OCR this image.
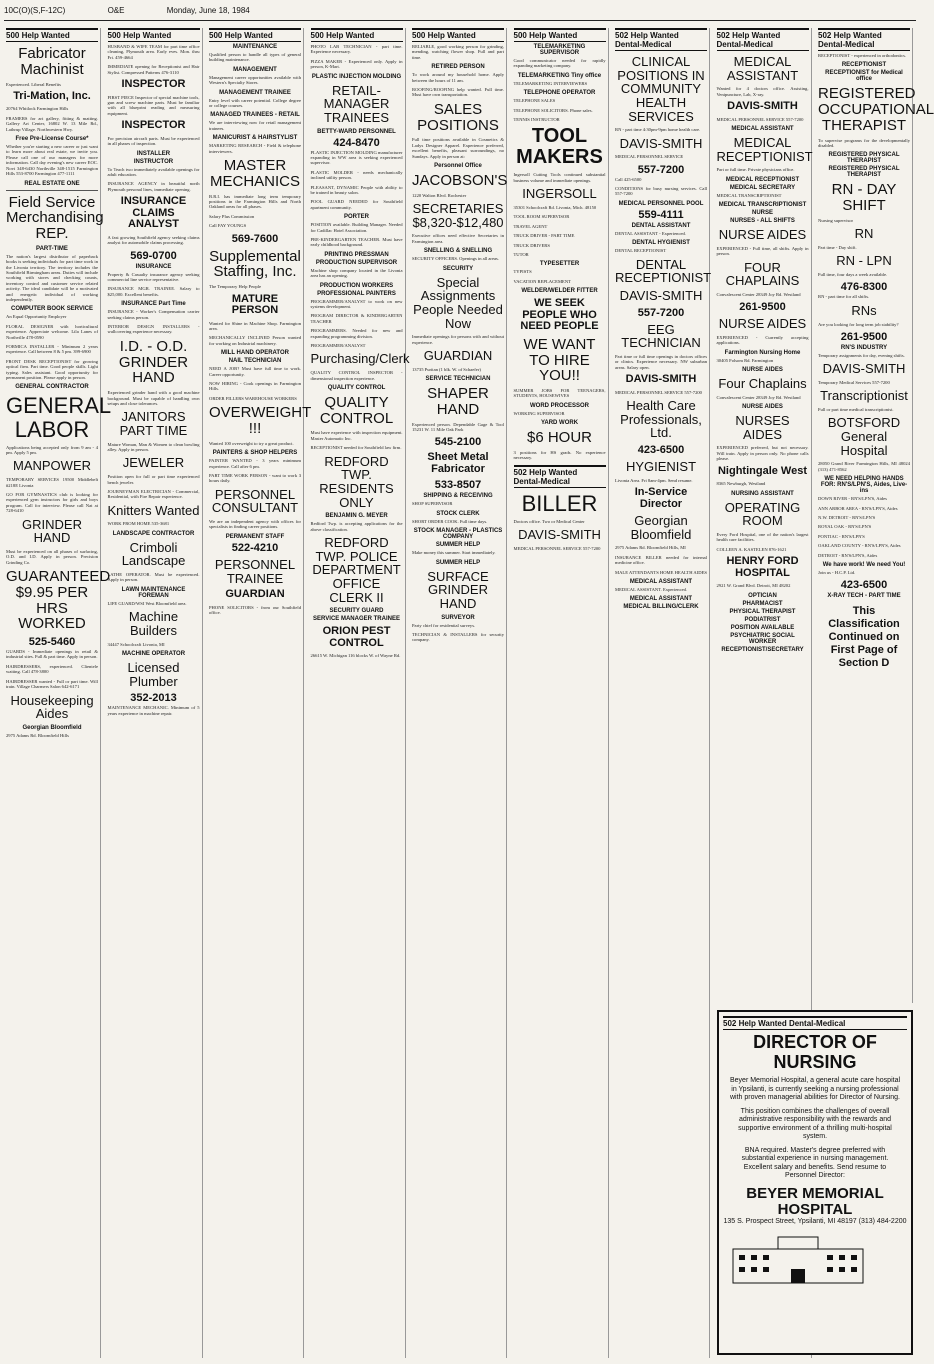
10C(O)(S,F-12C)	O&E	Monday, June 18, 1984
500 Help Wanted
Fabricator Machinist
Experienced. Liberal Benefits
Tri-Mation, Inc.
20764 Whitlock Farmington Hills
FRAMERS for art gallery, fitting & matting. Gallery Art Center, 16802 W. 13 Mile Rd., Lathrup Village. Northwestern Hwy.
Free Pre-License Course*
Whether you're starting a new career or just want to learn more about real estate, we invite you. Please call one of our managers for more information. Call day evening's new career EOC. Novi 348-6430 Northville 348-1515 Farmington Hills 553-8700 Farmington 477-1111
REAL ESTATE ONE
Field Service Merchandising REP.
PART-TIME
The nation's largest distributor of paperback books is seeking individuals for part time work in the Livonia territory. The territory includes the Southfield Birmingham areas. Duties will include working with stores and checking counts, inventory control and customer service related activity. The ideal candidate will be a motivated and energetic individual of working independently.
COMPUTER BOOK SERVICE
An Equal Opportunity Employer
FLORAL DESIGNER with horticultural experience. Appreciate welcome. Lila Lanes of Northville 478-0590
FORMICA INSTALLER - Minimum 2 years experience. Call between 8 & 5 pm. 399-6900
FRONT DESK RECEPTIONIST for growing optical firm. Part time. Good people skills. Light typing. Sales assistant. Good opportunity for permanent position. Please apply in person.
GENERAL CONTRACTOR
GENERAL LABOR
Applications being accepted only from 9 am - 4 pm. Apply 5 pm.
MANPOWER
TEMPORARY SERVICES 19500 Middlebelt #218E Livonia
GO FOR GYMNASTICS club is looking for experienced gym instructors for girls and boys program. Call for interview. Please call Nat at 728-6410
GRINDER HAND
Must be experienced on all phases of surfacing, O.D. and I.D. Apply in person. Precision Grinding Co.
GUARANTEED $9.95 PER HRS WORKED
525-5460
GUARDS - Immediate openings in retail & industrial sites. Full & part time. Apply in person.
HAIRDRESSERS, experienced. Clientele waiting. Call 478-3800
HAIRDRESSER wanted - Full or part time. Will train. Village Charmers Salon 642-6171
Housekeeping Aides
Georgian Bloomfield
2975 Adams Rd. Bloomfield Hills
500 Help Wanted
HUSBAND & WIFE TEAM for part time office cleaning, Plymouth area. Early eves. Mon. thru Fri. 459-4664
IMMEDIATE opening for Receptionist and Hair Stylist. Compressed Patterns 476-3110
INSPECTOR
FIRST PIECE Inspector of special machine tools, gun and screw machine parts. Must be familiar with all blueprint reading and measuring equipment.
INSPECTOR
For precision aircraft parts. Must be experienced in all phases of inspection.
INSTALLER
INSTRUCTOR
To Teach two immediately available openings for adult education.
INSURANCE AGENCY in beautiful north Plymouth personal lines, immediate opening.
INSURANCE CLAIMS ANALYST
A fast growing Southfield agency seeking claims analyst for automobile claims processing.
569-0700
INSURANCE
Property & Casualty insurance agency seeking commercial line service representative.
INSURANCE MGR. TRAINEE. Salary to $25,000. Excellent benefits.
INSURANCE Part Time
INSURANCE - Worker's Compensation carrier seeking claims person.
INTERIOR DESIGN INSTALLERS - wallcovering experience necessary.
I.D. - O.D. GRINDER HAND
Experienced grinder hand with a good machine background. Must be capable of handling own setups and close tolerances.
JANITORS PART TIME
Mature Woman, Man & Women to clean bowling alley. Apply in person.
JEWELER
Position open for full or part time experienced bench jeweler.
JOURNEYMAN ELECTRICIAN - Commercial, Residential, with Fire Repair experience.
Knitters Wanted
WORK FROM HOME 535-3681
LANDSCAPE CONTRACTOR
Crimboli Landscape
LATHE OPERATOR. Must be experienced. Apply in person.
LAWN MAINTENANCE FOREMAN
LIFE GUARD/WSI West Bloomfield area.
Machine Builders
34447 Schoolcraft Livonia, MI
MACHINE OPERATOR
Licensed Plumber
352-2013
MAINTENANCE MECHANIC. Minimum of 5 years experience in machine repair.
500 Help Wanted
MAINTENANCE
Qualified person to handle all types of general building maintenance.
MANAGEMENT
Management career opportunities available with Western's Specialty Stores.
MANAGEMENT TRAINEE
Entry level with career potential. College degree or college courses.
MANAGED TRAINEES - RETAIL
We are interviewing now for retail management trainees.
MANICURIST & HAIRSTYLIST
MARKETING RESEARCH - Field & telephone interviewers.
MASTER MECHANICS
B.R.I. has immediate long term temporary positions in the Farmington Hills and North Oakland areas for all phases.
Salary Plus Commission
Call FAY YOUNGS
569-7600
Supplemental Staffing, Inc.
The Temporary Help People
MATURE PERSON
Wanted for Shine in Machine Shop. Farmington area.
MECHANICALLY INCLINED Person wanted for working on Industrial machinery.
MILL HAND OPERATOR
NAIL TECHNICIAN
NEED A JOB? Must have full time to work. Career opportunity.
NOW HIRING - Cook openings in Farmington Hills.
ORDER FILLERS WAREHOUSE WORKERS
OVERWEIGHT !!!
Wanted 100 overweight to try a great product.
PAINTERS & SHOP HELPERS
PAINTER WANTED - 3 years minimum experience. Call after 6 pm.
PART TIME WORK PERSON - want to work 3 hours daily.
PERSONNEL CONSULTANT
We are an independent agency with offices for specialists in finding career positions.
PERMANENT STAFF
522-4210
PERSONNEL TRAINEE
GUARDIAN
PHONE SOLICITORS - from our Southfield office.
500 Help Wanted
PHOTO LAB TECHNICIAN - part time. Experience necessary.
PIZZA MAKER - Experienced only. Apply in person, K-Mart.
PLASTIC INJECTION MOLDING
RETAIL-MANAGER TRAINEES
BETTY-WARD PERSONNEL
424-8470
PLASTIC INJECTION MOLDING manufacturer expanding in WW area is seeking experienced supervisor.
PLASTIC MOLDER - needs mechanically inclined utility person.
PLEASANT, DYNAMIC People with ability to be trained in beauty salon.
POOL GUARD NEEDED for Southfield apartment community.
PORTER
POSITION available. Building Manager. Needed for Cadillac Hotel Association.
PRE-KINDERGARTEN TEACHER. Must have early childhood background.
PRINTING PRESSMAN
PRODUCTION SUPERVISOR
Machine shop company located in the Livonia area has an opening.
PRODUCTION WORKERS
PROFESSIONAL PAINTERS
PROGRAMMER/ANALYST to work on new systems development.
PROGRAM DIRECTOR & KINDERGARTEN TEACHER
PROGRAMMERS. Needed for new and expanding programming division.
PROGRAMMER/ANALYST
Purchasing/Clerk
QUALITY CONTROL INSPECTOR - dimensional inspection experience.
QUALITY CONTROL
QUALITY CONTROL
Must have experience with inspection equipment. Master Automatic Inc.
RECEPTIONIST needed for Southfield law firm.
REDFORD TWP. RESIDENTS ONLY
BENJAMIN G. MEYER
Redford Twp. is accepting applications for the above classification.
REDFORD TWP. POLICE DEPARTMENT OFFICE CLERK II
SECURITY GUARD
SERVICE MANAGER TRAINEE
ORION PEST CONTROL
26615 W. Michigan 116 blocks W. of Wayne Rd.
500 Help Wanted
RELIABLE, good working person for grinding, mending, watching flower shop. Full and part time.
RETIRED PERSON
To work around my household home. Apply between the hours of 11 am.
ROOFING/ROOFING help wanted. Full time. Must have own transportation.
SALES POSITIONS
Full time positions available in Cosmetics & Ladys Designer Apparel. Experience preferred, excellent benefits, pleasant surroundings, no Sundays. Apply in person at:
Personnel Office
JACOBSON'S
1220 Walton Blvd. Rochester
SECRETARIES $8,320-$12,480
Executive offices need effective Secretaries in Farmington area.
SNELLING & SNELLING
SECURITY OFFICERS. Openings in all areas.
SECURITY
Special Assignments People Needed Now
Immediate openings for persons with and without experience.
GUARDIAN
13735 Puritan (1 blk. W. of Schaefer)
SERVICE TECHNICIAN
SHAPER HAND
Experienced person. Dependable Gage & Tool 15231 W. 11 Mile Oak Park
545-2100
Sheet Metal Fabricator
533-8507
SHIPPING & RECEIVING
SHOP SUPERVISOR
STOCK CLERK
SHORT ORDER COOK. Full time days.
STOCK MANAGER - PLASTICS COMPANY
SUMMER HELP
Make money this summer. Start immediately.
SUMMER HELP
SURFACE GRINDER HAND
SURVEYOR
Party chief for residential surveys.
TECHNICIAN & INSTALLERS for security company.
500 Help Wanted
TELEMARKETING SUPERVISOR
Good communicator needed for rapidly expanding marketing company.
TELEMARKETING Tiny office
TELEMARKETING INTERVIEWERS
TELEPHONE OPERATOR
TELEPHONE SALES
TELEPHONE SOLICITORS. Phone sales.
TENNIS INSTRUCTOR
TOOL MAKERS
Ingersoll Cutting Tools continued substantial business volume and immediate openings.
INGERSOLL
35301 Schoolcraft Rd. Livonia, Mich. 48150
TOOL ROOM SUPERVISOR
TRAVEL AGENT
TRUCK DRIVER - PART TIME
TRUCK DRIVERS
TUTOR
TYPESETTER
TYPISTS
VACATION REPLACEMENT
WELDER/WELDER FITTER
WE SEEK PEOPLE WHO NEED PEOPLE
WE WANT TO HIRE YOU!!
SUMMER JOBS FOR TEENAGERS, STUDENTS, HOUSEWIVES
WORD PROCESSOR
WORKING SUPERVISOR
YARD WORK
$6 HOUR
3 positions for HS grads. No experience necessary.
502 Help Wanted Dental-Medical
BILLER
Doctors office. Two or Medical Center
DAVIS-SMITH
MEDICAL PERSONNEL SERVICE 557-7200
502 Help Wanted Dental-Medical
CLINICAL POSITIONS IN COMMUNITY HEALTH SERVICES
RN - part time 4:30pm-9pm home health care.
DAVIS-SMITH
MEDICAL PERSONNEL SERVICE
557-7200
Call 425-6500
CONDITIONS for busy nursing services. Call 557-7200
MEDICAL PERSONNEL POOL
559-4111
DENTAL ASSISTANT
DENTAL ASSISTANT - Experienced.
DENTAL HYGIENIST
DENTAL RECEPTIONIST
DENTAL RECEPTIONIST
DAVIS-SMITH
557-7200
EEG TECHNICIAN
Part time or full time openings in doctors offices or clinics. Experience necessary. NW suburban areas. Salary open.
DAVIS-SMITH
MEDICAL PERSONNEL SERVICE 557-7200
Health Care Professionals, Ltd.
423-6500
HYGIENIST
Livonia Area. Fri 8am-4pm. Send resume.
In-Service Director
Georgian Bloomfield
2975 Adams Rd. Bloomfield Hills, MI
INSURANCE BILLER needed for internal medicine office.
MALE ATTENDANTS HOME HEALTH AIDES
MEDICAL ASSISTANT
MEDICAL ASSISTANT. Experienced.
MEDICAL ASSISTANT
MEDICAL BILLING/CLERK
502 Help Wanted Dental-Medical
MEDICAL ASSISTANT
Wanted for 4 doctors office. Assisting, Venipuncture, Lab, X-ray.
DAVIS-SMITH
MEDICAL PERSONNEL SERVICE 557-7200
MEDICAL ASSISTANT
MEDICAL RECEPTIONIST
Part or full time. Private physicians office.
MEDICAL RECEPTIONIST
MEDICAL SECRETARY
MEDICAL TRANSCRIPTIONIST
MEDICAL TRANSCRIPTIONIST
NURSE
NURSES - ALL SHIFTS
NURSE AIDES
EXPERIENCED - Full time, all shifts. Apply in person.
FOUR CHAPLAINS
Convalescent Center 28349 Joy Rd. Westland
261-9500
NURSE AIDES
EXPERIENCED - Currently accepting applications.
Farmington Nursing Home
30405 Folsom Rd. Farmington
NURSE AIDES
Four Chaplains
Convalescent Center 28349 Joy Rd. Westland
NURSE AIDES
NURSES AIDES
EXPERIENCED preferred, but not necessary. Will train. Apply in person only. No phone calls please.
Nightingale West
8365 Newburgh, Westland
NURSING ASSISTANT
OPERATING ROOM
Every Ford Hospital, one of the nation's largest health care facilities.
COLLEEN A. KASTELEN 876-1621
HENRY FORD HOSPITAL
2921 W. Grand Blvd. Detroit, MI 48202
OPTICIAN
PHARMACIST
PHYSICAL THERAPIST
PODIATRIST
POSITION AVAILABLE
PSYCHIATRIC SOCIAL WORKER
RECEPTIONIST/SECRETARY
502 Help Wanted Dental-Medical
RECEPTIONIST - experienced in orthodontics.
RECEPTIONIST
RECEPTIONIST for Medical office
REGISTERED OCCUPATIONAL THERAPIST
To supervise programs for the developmentally disabled.
REGISTERED PHYSICAL THERAPIST
REGISTERED PHYSICAL THERAPIST
RN - DAY SHIFT
Nursing supervisor
RN
Part time - Day shift.
RN - LPN
Full time, four days a week available.
476-8300
RN - part time for all shifts.
RNs
Are you looking for long term job stability?
261-9500
RN'S INDUSTRY
Temporary assignments for day, evening shifts.
DAVIS-SMITH
Temporary Medical Services 557-7200
Transcriptionist
Full or part time medical transcriptionist.
BOTSFORD General Hospital
28050 Grand River Farmington Hills, MI 48024 (313) 471-8562
WE NEED HELPING HANDS FOR: RN'S/LPN'S, Aides, Live-ins
DOWN RIVER - RN'S/LPN'S, Aides
ANN ARBOR AREA - RN'S/LPN'S, Aides
N.W. DETROIT - RN'S/LPN'S
ROYAL OAK - RN'S/LPN'S
PONTIAC - RN'S/LPN'S
OAKLAND COUNTY - RN'S/LPN'S, Aides
DETROIT - RN'S/LPN'S, Aides
We have work! We need You!
Join us - H.C.P. Ltd.
423-6500
X-RAY TECH - PART TIME
This Classification Continued on First Page of Section D
502 Help Wanted Dental-Medical
DIRECTOR OF NURSING
Beyer Memorial Hospital, a general acute care hospital in Ypsilanti, is currently seeking a nursing professional with proven managerial abilities for Director of Nursing.
This position combines the challenges of overall administrative responsibility with the rewards and supportive environment of a thrilling multi-hospital system.
BNA required. Master's degree preferred with substantial experience in nursing management. Excellent salary and benefits. Send resume to Personnel Director:
BEYER MEMORIAL HOSPITAL
135 S. Prospect Street, Ypsilanti, MI 48197 (313) 484-2200
